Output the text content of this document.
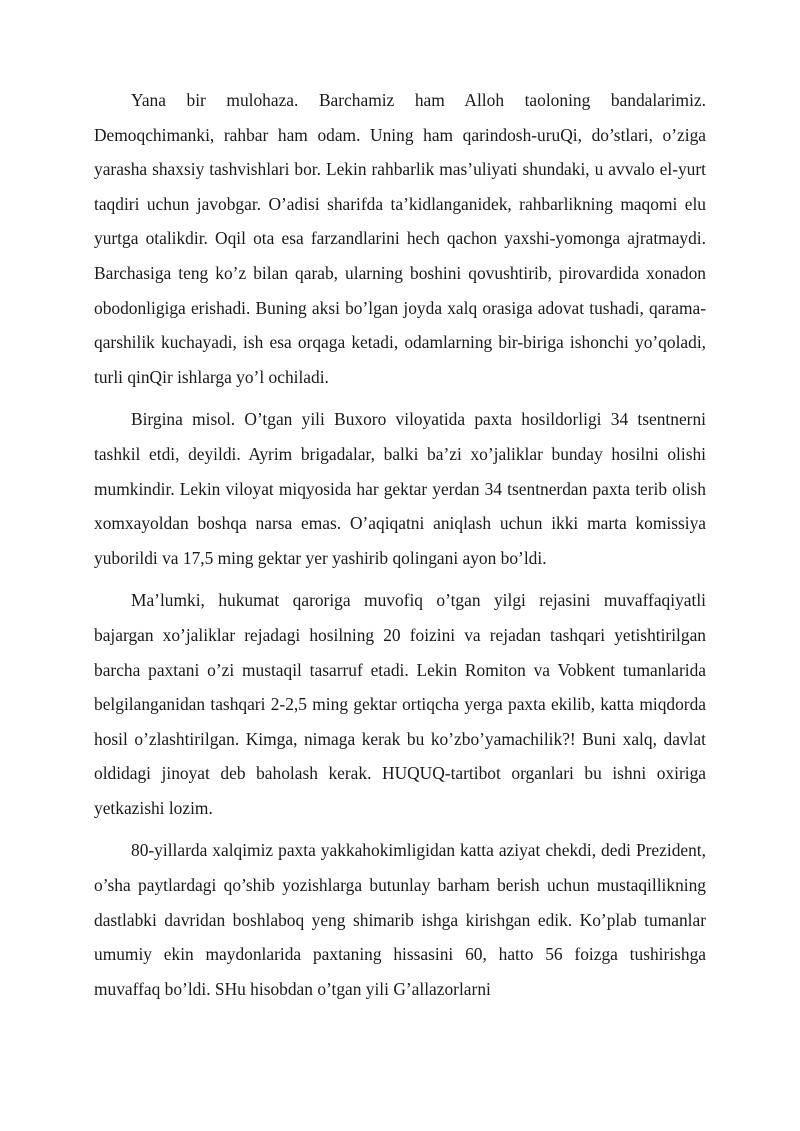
Yana bir mulohaza. Barchamiz ham Alloh taoloning bandalarimiz. Demoqchimanki, rahbar ham odam. Uning ham qarindosh-uruQi, do’stlari, o’ziga yarasha shaxsiy tashvishlari bor. Lekin rahbarlik mas’uliyati shundaki, u avvalo el-yurt taqdiri uchun javobgar. O’adisi sharifda ta’kidlanganidek, rahbarlikning maqomi elu yurtga otalikdir. Oqil ota esa farzandlarini hech qachon yaxshi-yomonga ajratmaydi. Barchasiga teng ko’z bilan qarab, ularning boshini qovushtirib, pirovardida xonadon obodonligiga erishadi. Buning aksi bo’lgan joyda xalq orasiga adovat tushadi, qarama-qarshilik kuchayadi, ish esa orqaga ketadi, odamlarning bir-biriga ishonchi yo’qoladi, turli qinQir ishlarga yo’l ochiladi.

Birgina misol. O’tgan yili Buxoro viloyatida paxta hosildorligi 34 tsentnerni tashkil etdi, deyildi. Ayrim brigadalar, balki ba’zi xo’jaliklar bunday hosilni olishi mumkindir. Lekin viloyat miqyosida har gektar yerdan 34 tsentnerdan paxta terib olish xomxayoldan boshqa narsa emas. O’aqiqatni aniqlash uchun ikki marta komissiya yuborildi va 17,5 ming gektar yer yashirib qolingani ayon bo’ldi.

Ma’lumki, hukumat qaroriga muvofiq o’tgan yilgi rejasini muvaffaqiyatli bajargan xo’jaliklar rejadagi hosilning 20 foizini va rejadan tashqari yetishtirilgan barcha paxtani o’zi mustaqil tasarruf etadi. Lekin Romiton va Vobkent tumanlarida belgilanganidan tashqari 2-2,5 ming gektar ortiqcha yerga paxta ekilib, katta miqdorda hosil o’zlashtirilgan. Kimga, nimaga kerak bu ko’zbo’yamachilik?! Buni xalq, davlat oldidagi jinoyat deb baholash kerak. HUQUQ-tartibot organlari bu ishni oxiriga yetkazishi lozim.

80-yillarda xalqimiz paxta yakkahokimligidan katta aziyat chekdi, dedi Prezident, o’sha paytlardagi qo’shib yozishlarga butunlay barham berish uchun mustaqillikning dastlabki davridan boshlaboq yeng shimarib ishga kirishgan edik. Ko’plab tumanlar umumiy ekin maydonlarida paxtaning hissasini 60, hatto 56 foizga tushirishga muvaffaq bo’ldi. SHu hisobdan o’tgan yili G’allazorlarni
